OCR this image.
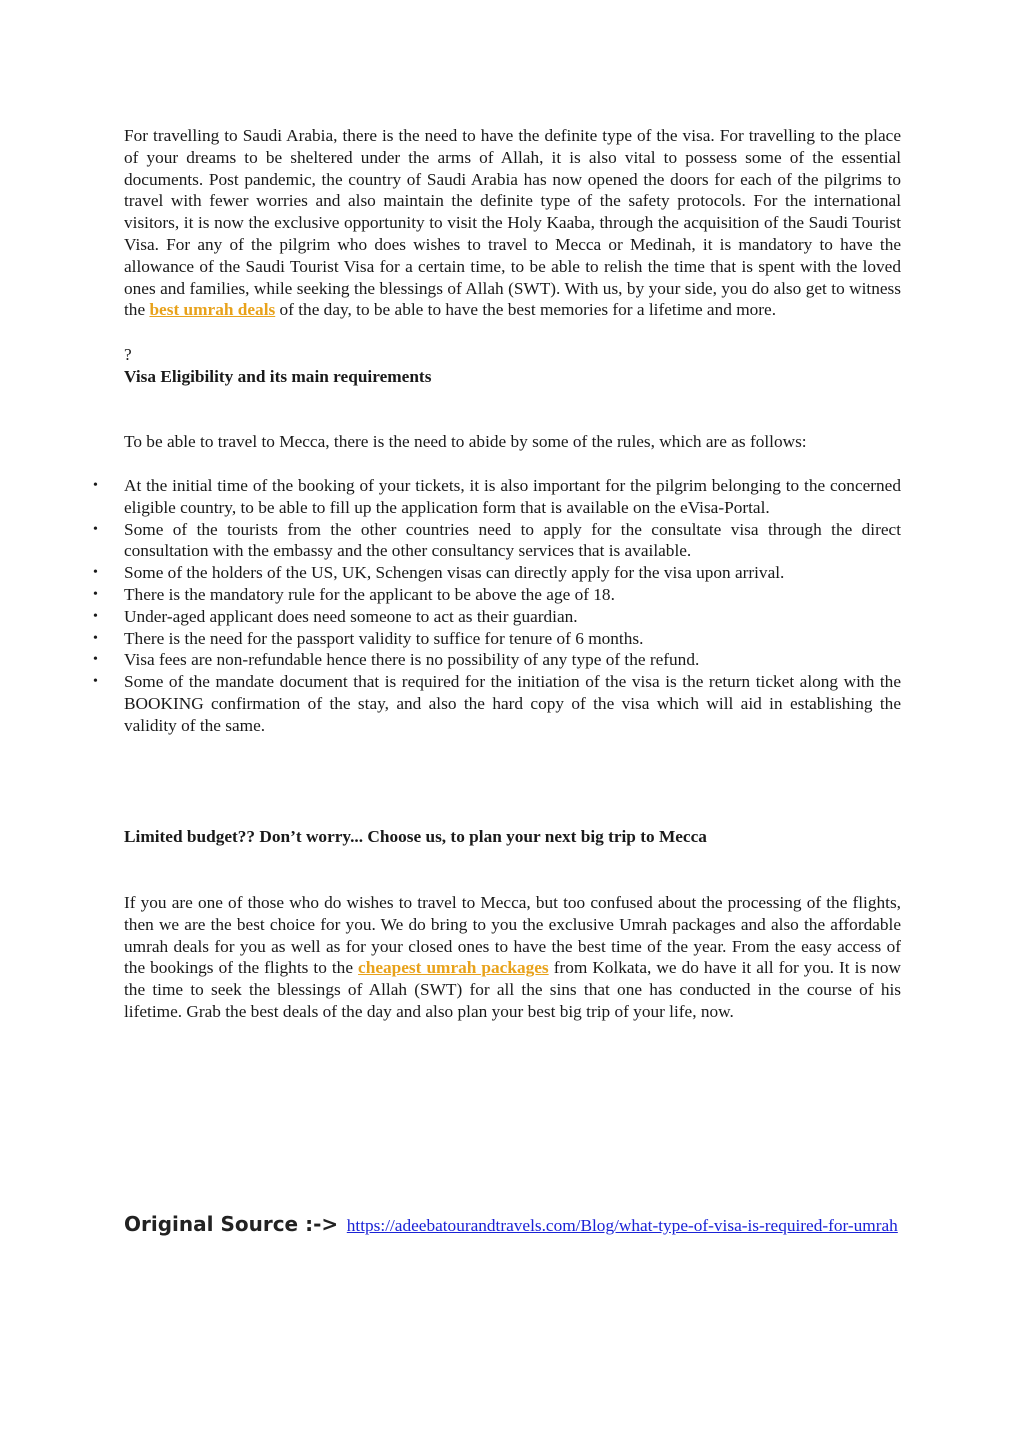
For travelling to Saudi Arabia, there is the need to have the definite type of the visa. For travelling to the place of your dreams to be sheltered under the arms of Allah, it is also vital to possess some of the essential documents. Post pandemic, the country of Saudi Arabia has now opened the doors for each of the pilgrims to travel with fewer worries and also maintain the definite type of the safety protocols. For the international visitors, it is now the exclusive opportunity to visit the Holy Kaaba, through the acquisition of the Saudi Tourist Visa. For any of the pilgrim who does wishes to travel to Mecca or Medinah, it is mandatory to have the allowance of the Saudi Tourist Visa for a certain time, to be able to relish the time that is spent with the loved ones and families, while seeking the blessings of Allah (SWT). With us, by your side, you do also get to witness the best umrah deals of the day, to be able to have the best memories for a lifetime and more.

?

Visa Eligibility and its main requirements

To be able to travel to Mecca, there is the need to abide by some of the rules, which are as follows:

• At the initial time of the booking of your tickets, it is also important for the pilgrim belonging to the concerned eligible country, to be able to fill up the application form that is available on the eVisa-Portal.
• Some of the tourists from the other countries need to apply for the consultate visa through the direct consultation with the embassy and the other consultancy services that is available.
• Some of the holders of the US, UK, Schengen visas can directly apply for the visa upon arrival.
• There is the mandatory rule for the applicant to be above the age of 18.
• Under-aged applicant does need someone to act as their guardian.
• There is the need for the passport validity to suffice for tenure of 6 months.
• Visa fees are non-refundable hence there is no possibility of any type of the refund.
• Some of the mandate document that is required for the initiation of the visa is the return ticket along with the BOOKING confirmation of the stay, and also the hard copy of the visa which will aid in establishing the validity of the same.

Limited budget?? Don’t worry... Choose us, to plan your next big trip to Mecca

If you are one of those who do wishes to travel to Mecca, but too confused about the processing of the flights, then we are the best choice for you. We do bring to you the exclusive Umrah packages and also the affordable umrah deals for you as well as for your closed ones to have the best time of the year. From the easy access of the bookings of the flights to the cheapest umrah packages from Kolkata, we do have it all for you. It is now the time to seek the blessings of Allah (SWT) for all the sins that one has conducted in the course of his lifetime. Grab the best deals of the day and also plan your best big trip of your life, now.

Original Source :-> https://adeebatourandtravels.com/Blog/what-type-of-visa-is-required-for-umrah
